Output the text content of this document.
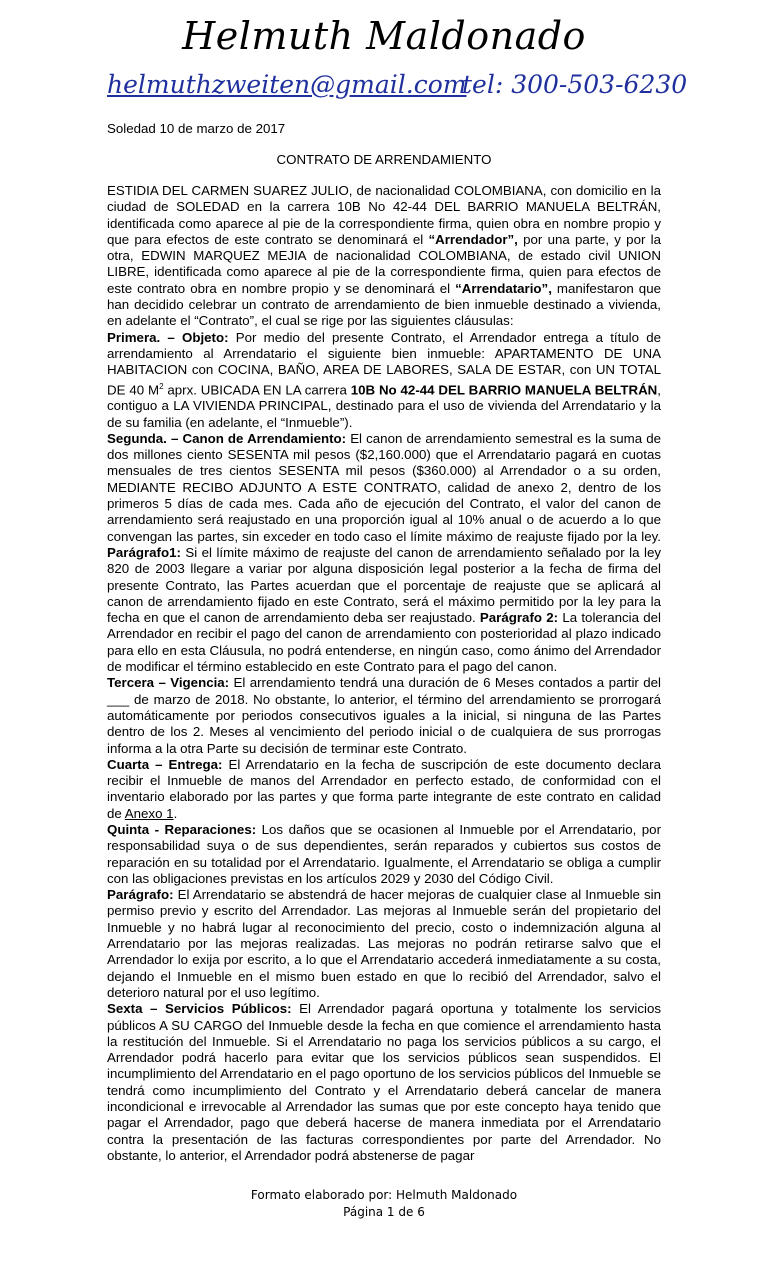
Helmuth Maldonado
helmuthzweiten@gmail.com
tel: 300-503-6230
Soledad 10 de marzo de 2017
CONTRATO DE ARRENDAMIENTO

ESTIDIA DEL CARMEN SUAREZ JULIO, de nacionalidad COLOMBIANA, con domicilio en la ciudad de SOLEDAD en la carrera 10B No 42-44 DEL BARRIO MANUELA BELTRÁN, identificada como aparece al pie de la correspondiente firma, quien obra en nombre propio y que para efectos de este contrato se denominará el “Arrendador”, por una parte, y por la otra, EDWIN MARQUEZ MEJIA de nacionalidad COLOMBIANA, de estado civil UNION LIBRE, identificada como aparece al pie de la correspondiente firma, quien para efectos de este contrato obra en nombre propio y se denominará el “Arrendatario”, manifestaron que han decidido celebrar un contrato de arrendamiento de bien inmueble destinado a vivienda, en adelante el “Contrato”, el cual se rige por las siguientes cláusulas:

Primera. – Objeto: Por medio del presente Contrato, el Arrendador entrega a título de arrendamiento al Arrendatario el siguiente bien inmueble: APARTAMENTO DE UNA HABITACION con COCINA, BAÑO, AREA DE LABORES, SALA DE ESTAR, con UN TOTAL DE 40 $M^2$ aprx. UBICADA EN LA carrera 10B No 42-44 DEL BARRIO MANUELA BELTRÁN, contiguo a LA VIVIENDA PRINCIPAL, destinado para el uso de vivienda del Arrendatario y la de su familia (en adelante, el “Inmueble”).

Segunda. – Canon de Arrendamiento: El canon de arrendamiento semestral es la suma de dos millones ciento SESENTA mil pesos ($2,160.000) que el Arrendatario pagará en cuotas mensuales de tres cientos SESENTA mil pesos ($360.000) al Arrendador o a su orden, MEDIANTE RECIBO ADJUNTO A ESTE CONTRATO, calidad de anexo 2, dentro de los primeros 5 días de cada mes. Cada año de ejecución del Contrato, el valor del canon de arrendamiento será reajustado en una proporción igual al 10% anual o de acuerdo a lo que convengan las partes, sin exceder en todo caso el límite máximo de reajuste fijado por la ley. Parágrafo1: Si el límite máximo de reajuste del canon de arrendamiento señalado por la ley 820 de 2003 llegare a variar por alguna disposición legal posterior a la fecha de firma del presente Contrato, las Partes acuerdan que el porcentaje de reajuste que se aplicará al canon de arrendamiento fijado en este Contrato, será el máximo permitido por la ley para la fecha en que el canon de arrendamiento deba ser reajustado. Parágrafo 2: La tolerancia del Arrendador en recibir el pago del canon de arrendamiento con posterioridad al plazo indicado para ello en esta Cláusula, no podrá entenderse, en ningún caso, como ánimo del Arrendador de modificar el término establecido en este Contrato para el pago del canon.

Tercera – Vigencia: El arrendamiento tendrá una duración de 6 Meses contados a partir del ___ de marzo de 2018. No obstante, lo anterior, el término del arrendamiento se prorrogará automáticamente por periodos consecutivos iguales a la inicial, si ninguna de las Partes dentro de los 2. Meses al vencimiento del periodo inicial o de cualquiera de sus prorrogas informa a la otra Parte su decisión de terminar este Contrato.

Cuarta – Entrega: El Arrendatario en la fecha de suscripción de este documento declara recibir el Inmueble de manos del Arrendador en perfecto estado, de conformidad con el inventario elaborado por las partes y que forma parte integrante de este contrato en calidad de Anexo 1.

Quinta - Reparaciones: Los daños que se ocasionen al Inmueble por el Arrendatario, por responsabilidad suya o de sus dependientes, serán reparados y cubiertos sus costos de reparación en su totalidad por el Arrendatario. Igualmente, el Arrendatario se obliga a cumplir con las obligaciones previstas en los artículos 2029 y 2030 del Código Civil.

Parágrafo: El Arrendatario se abstendrá de hacer mejoras de cualquier clase al Inmueble sin permiso previo y escrito del Arrendador. Las mejoras al Inmueble serán del propietario del Inmueble y no habrá lugar al reconocimiento del precio, costo o indemnización alguna al Arrendatario por las mejoras realizadas. Las mejoras no podrán retirarse salvo que el Arrendador lo exija por escrito, a lo que el Arrendatario accederá inmediatamente a su costa, dejando el Inmueble en el mismo buen estado en que lo recibió del Arrendador, salvo el deterioro natural por el uso legítimo.

Sexta – Servicios Públicos: El Arrendador pagará oportuna y totalmente los servicios públicos A SU CARGO del Inmueble desde la fecha en que comience el arrendamiento hasta la restitución del Inmueble. Si el Arrendatario no paga los servicios públicos a su cargo, el Arrendador podrá hacerlo para evitar que los servicios públicos sean suspendidos. El incumplimiento del Arrendatario en el pago oportuno de los servicios públicos del Inmueble se tendrá como incumplimiento del Contrato y el Arrendatario deberá cancelar de manera incondicional e irrevocable al Arrendador las sumas que por este concepto haya tenido que pagar el Arrendador, pago que deberá hacerse de manera inmediata por el Arrendatario contra la presentación de las facturas correspondientes por parte del Arrendador. No obstante, lo anterior, el Arrendador podrá abstenerse de pagar

Formato elaborado por: Helmuth Maldonado
Página 1 de 6
